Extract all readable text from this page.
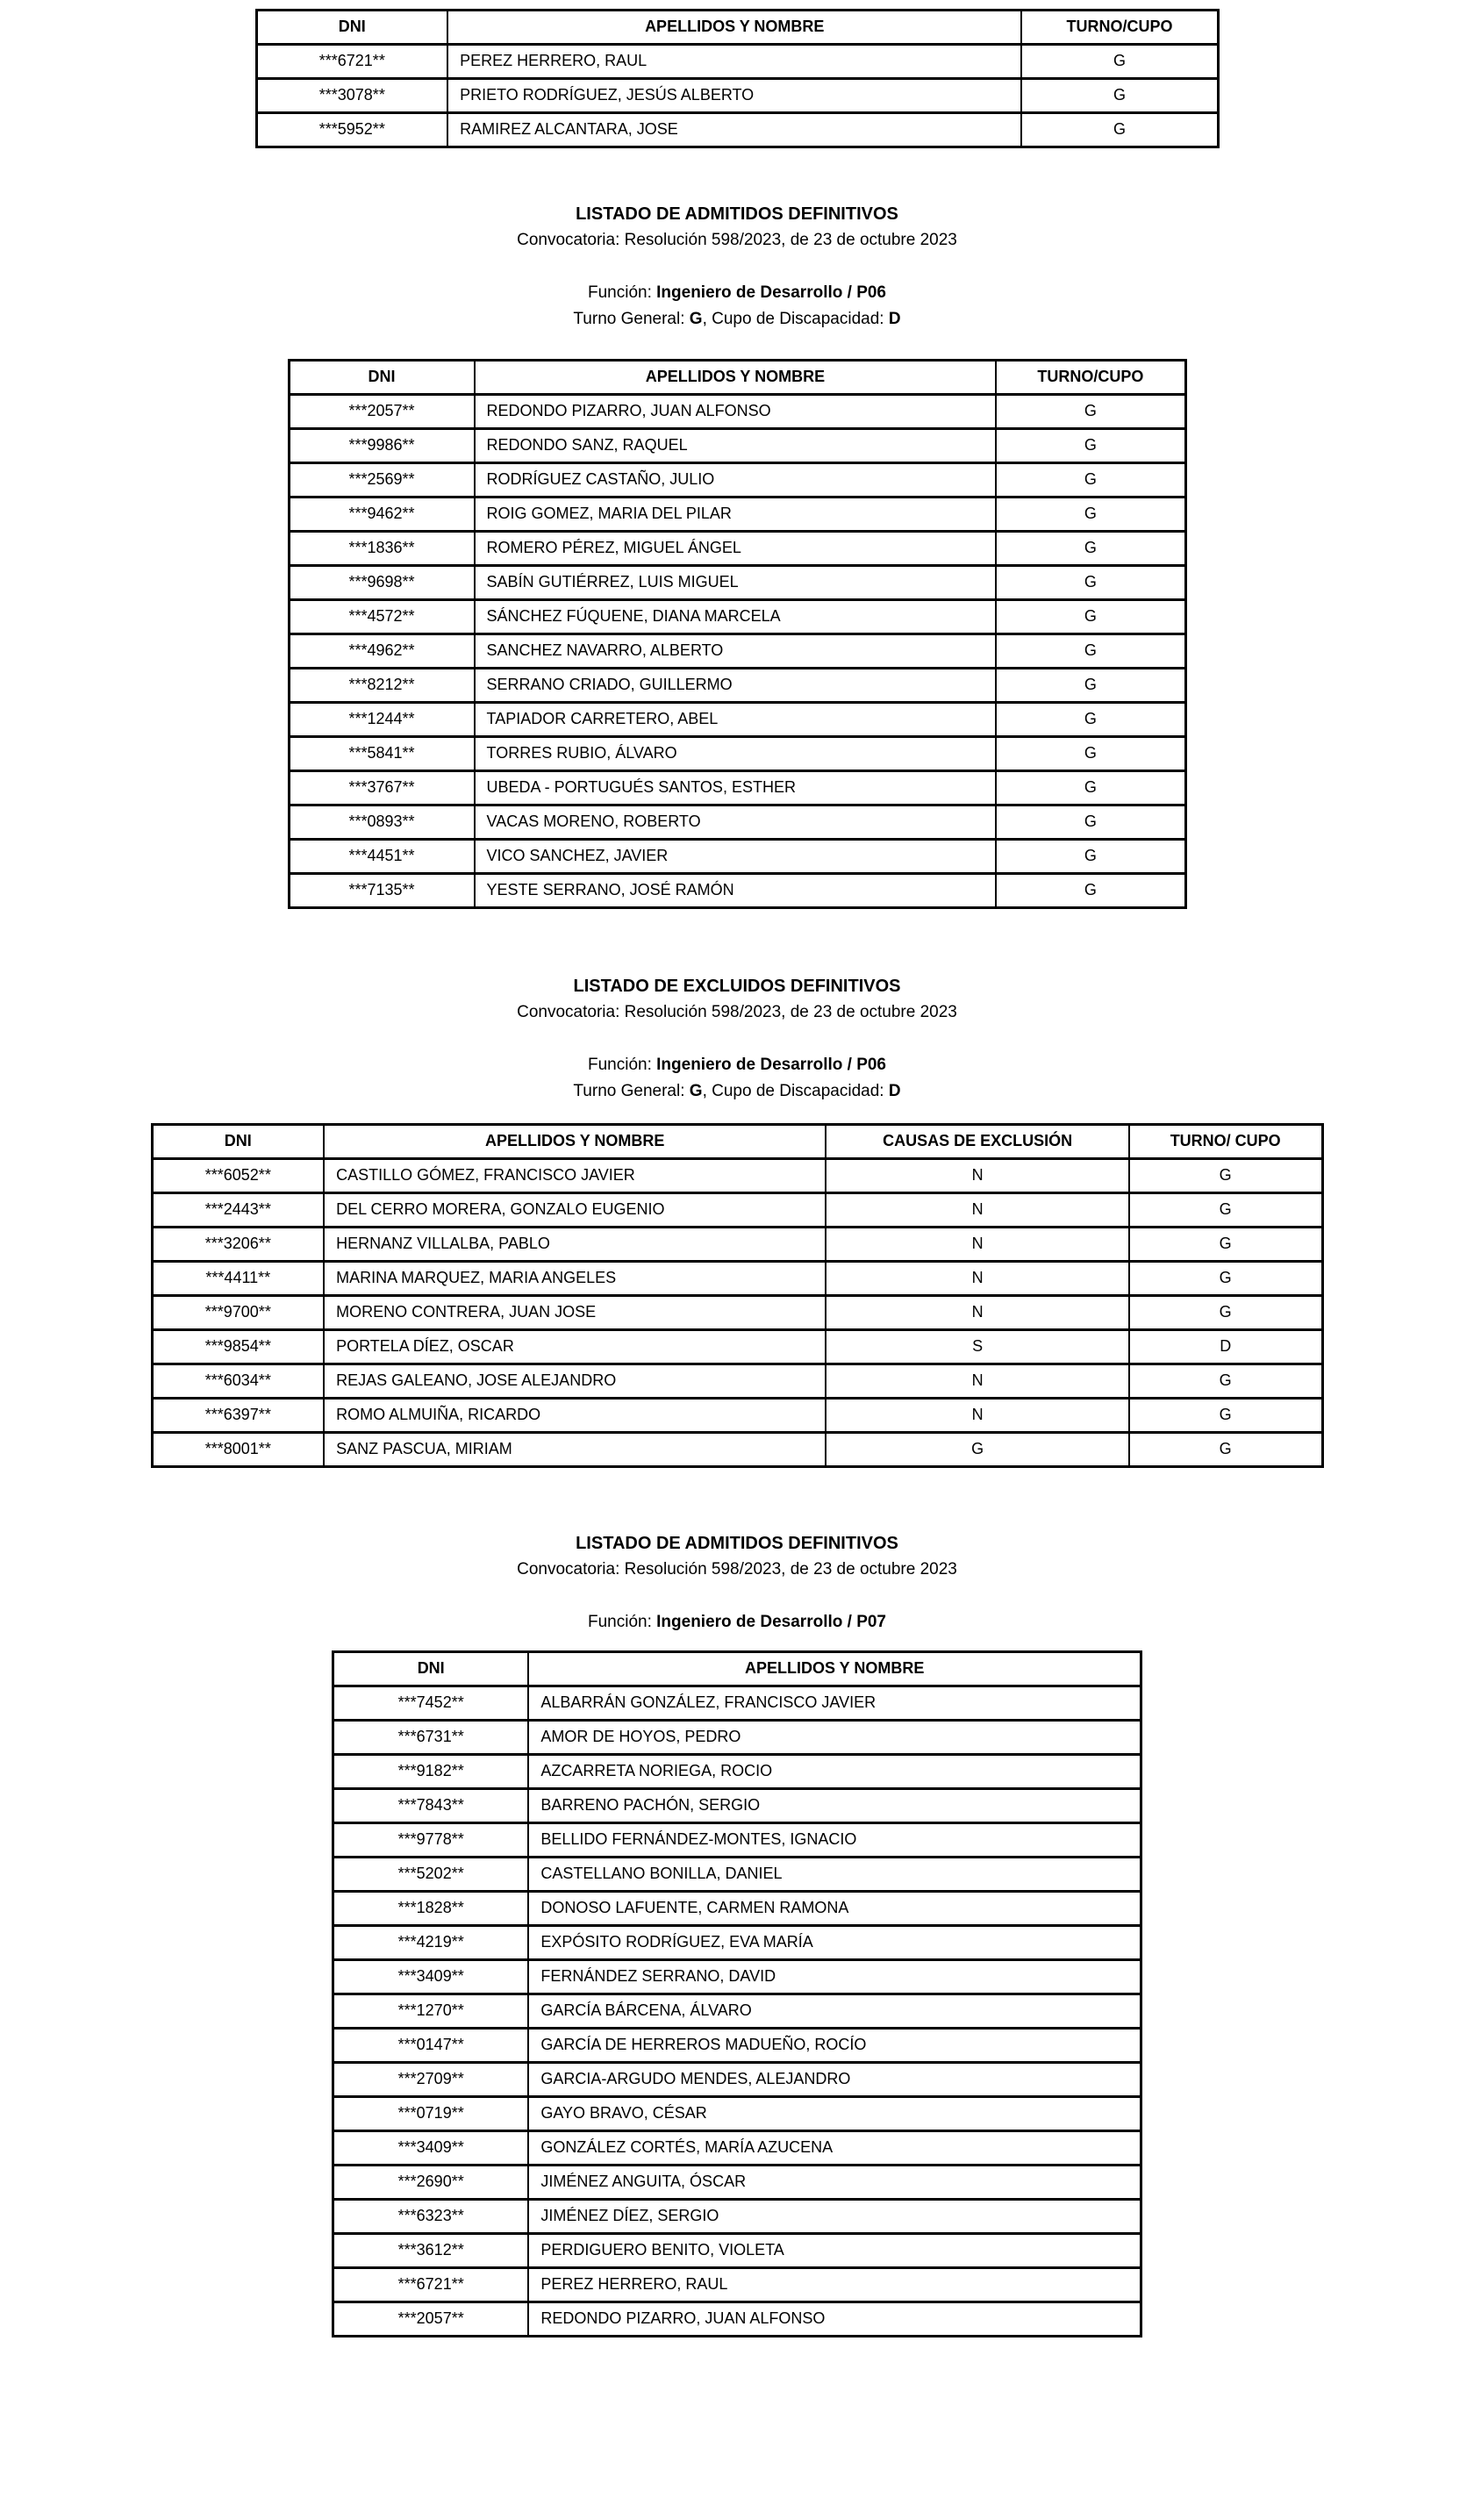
DNI	APELLIDOS Y NOMBRE	TURNO/CUPO
***6721**	PEREZ HERRERO, RAUL	G
***3078**	PRIETO RODRÍGUEZ, JESÚS ALBERTO	G
***5952**	RAMIREZ ALCANTARA, JOSE	G
LISTADO DE ADMITIDOS DEFINITIVOS
Convocatoria: Resolución 598/2023, de 23 de octubre 2023
Función: Ingeniero de Desarrollo / P06
Turno General: G, Cupo de Discapacidad: D
DNI	APELLIDOS Y NOMBRE	TURNO/CUPO
***2057**	REDONDO PIZARRO, JUAN ALFONSO	G
***9986**	REDONDO SANZ, RAQUEL	G
***2569**	RODRÍGUEZ CASTAÑO, JULIO	G
***9462**	ROIG GOMEZ, MARIA DEL PILAR	G
***1836**	ROMERO PÉREZ, MIGUEL ÁNGEL	G
***9698**	SABÍN GUTIÉRREZ, LUIS MIGUEL	G
***4572**	SÁNCHEZ FÚQUENE, DIANA MARCELA	G
***4962**	SANCHEZ NAVARRO, ALBERTO	G
***8212**	SERRANO CRIADO, GUILLERMO	G
***1244**	TAPIADOR CARRETERO, ABEL	G
***5841**	TORRES RUBIO, ÁLVARO	G
***3767**	UBEDA - PORTUGUÉS SANTOS, ESTHER	G
***0893**	VACAS MORENO, ROBERTO	G
***4451**	VICO SANCHEZ, JAVIER	G
***7135**	YESTE SERRANO, JOSÉ RAMÓN	G
LISTADO DE EXCLUIDOS DEFINITIVOS
Convocatoria: Resolución 598/2023, de 23 de octubre 2023
Función: Ingeniero de Desarrollo / P06
Turno General: G, Cupo de Discapacidad: D
DNI	APELLIDOS Y NOMBRE	CAUSAS DE EXCLUSIÓN	TURNO/ CUPO
***6052**	CASTILLO GÓMEZ, FRANCISCO JAVIER	N	G
***2443**	DEL CERRO MORERA, GONZALO EUGENIO	N	G
***3206**	HERNANZ VILLALBA, PABLO	N	G
***4411**	MARINA MARQUEZ, MARIA ANGELES	N	G
***9700**	MORENO CONTRERA, JUAN JOSE	N	G
***9854**	PORTELA DÍEZ, OSCAR	S	D
***6034**	REJAS GALEANO, JOSE ALEJANDRO	N	G
***6397**	ROMO ALMUIÑA, RICARDO	N	G
***8001**	SANZ PASCUA, MIRIAM	G	G
LISTADO DE ADMITIDOS DEFINITIVOS
Convocatoria: Resolución 598/2023, de 23 de octubre 2023
Función: Ingeniero de Desarrollo / P07
DNI	APELLIDOS Y NOMBRE
***7452**	ALBARRÁN GONZÁLEZ, FRANCISCO JAVIER
***6731**	AMOR DE HOYOS, PEDRO
***9182**	AZCARRETA NORIEGA, ROCIO
***7843**	BARRENO PACHÓN, SERGIO
***9778**	BELLIDO FERNÁNDEZ-MONTES, IGNACIO
***5202**	CASTELLANO BONILLA, DANIEL
***1828**	DONOSO LAFUENTE, CARMEN RAMONA
***4219**	EXPÓSITO RODRÍGUEZ, EVA MARÍA
***3409**	FERNÁNDEZ SERRANO, DAVID
***1270**	GARCÍA BÁRCENA, ÁLVARO
***0147**	GARCÍA DE HERREROS MADUEÑO, ROCÍO
***2709**	GARCIA-ARGUDO MENDES, ALEJANDRO
***0719**	GAYO BRAVO, CÉSAR
***3409**	GONZÁLEZ CORTÉS, MARÍA AZUCENA
***2690**	JIMÉNEZ ANGUITA, ÓSCAR
***6323**	JIMÉNEZ DÍEZ, SERGIO
***3612**	PERDIGUERO BENITO, VIOLETA
***6721**	PEREZ HERRERO, RAUL
***2057**	REDONDO PIZARRO, JUAN ALFONSO
